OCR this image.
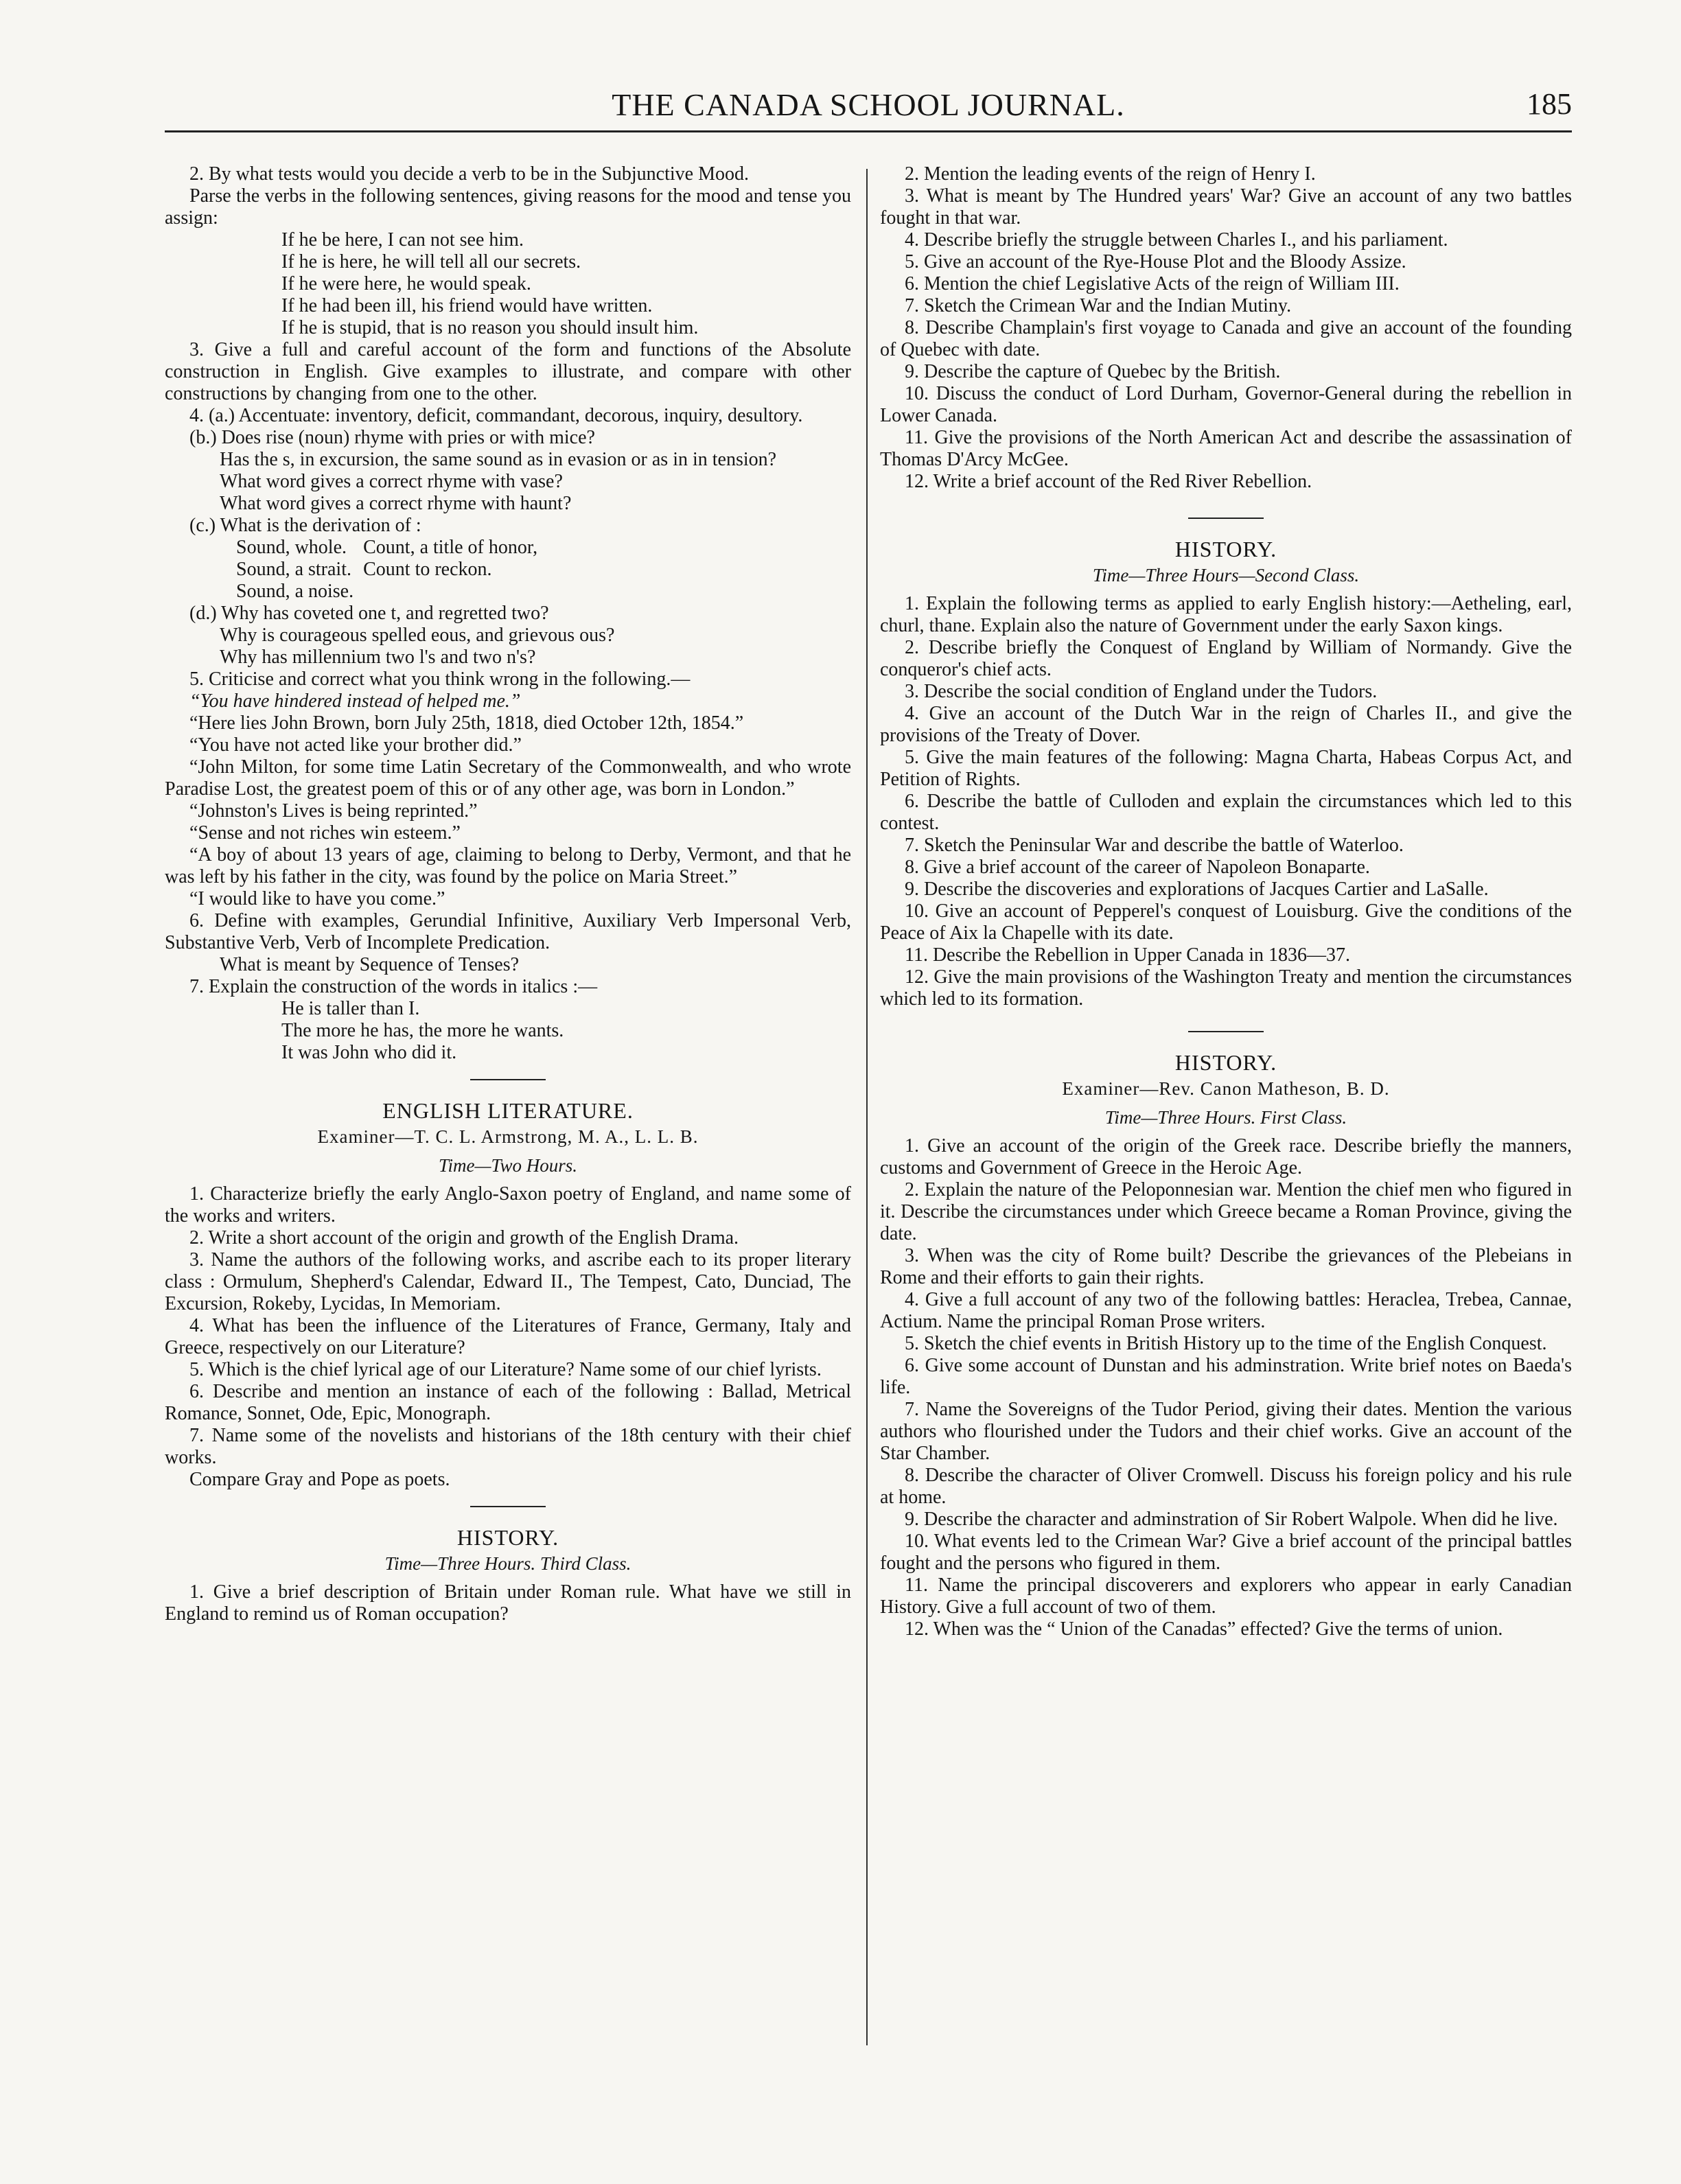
THE CANADA SCHOOL JOURNAL.	185

2. By what tests would you decide a verb to be in the Subjunctive Mood.

Parse the verbs in the following sentences, giving reasons for the mood and tense you assign:

If he be here, I can not see him.

If he is here, he will tell all our secrets.

If he were here, he would speak.

If he had been ill, his friend would have written.

If he is stupid, that is no reason you should insult him.

3. Give a full and careful account of the form and functions of the Absolute construction in English. Give examples to illustrate, and compare with other constructions by changing from one to the other.

4. (a.) Accentuate: inventory, deficit, commandant, decorous, inquiry, desultory.

(b.) Does rise (noun) rhyme with pries or with mice?

Has the s, in excursion, the same sound as in evasion or as in in tension?

What word gives a correct rhyme with vase?

What word gives a correct rhyme with haunt?

(c.) What is the derivation of :

Sound, whole.	Count, a title of honor,
Sound, a strait.	Count to reckon.
Sound, a noise.	

(d.) Why has coveted one t, and regretted two?

Why is courageous spelled eous, and grievous ous?

Why has millennium two l's and two n's?

5. Criticise and correct what you think wrong in the following.—

“You have hindered instead of helped me.”

“Here lies John Brown, born July 25th, 1818, died October 12th, 1854.”

“You have not acted like your brother did.”

“John Milton, for some time Latin Secretary of the Commonwealth, and who wrote Paradise Lost, the greatest poem of this or of any other age, was born in London.”

“Johnston's Lives is being reprinted.”

“Sense and not riches win esteem.”

“A boy of about 13 years of age, claiming to belong to Derby, Vermont, and that he was left by his father in the city, was found by the police on Maria Street.”

“I would like to have you come.”

6. Define with examples, Gerundial Infinitive, Auxiliary Verb Impersonal Verb, Substantive Verb, Verb of Incomplete Predication.

What is meant by Sequence of Tenses?

7. Explain the construction of the words in italics :—

He is taller than I.

The more he has, the more he wants.

It was John who did it.

ENGLISH LITERATURE.

Examiner—T. C. L. Armstrong, M. A., L. L. B.

Time—Two Hours.

1. Characterize briefly the early Anglo-Saxon poetry of England, and name some of the works and writers.

2. Write a short account of the origin and growth of the English Drama.

3. Name the authors of the following works, and ascribe each to its proper literary class : Ormulum, Shepherd's Calendar, Edward II., The Tempest, Cato, Dunciad, The Excursion, Rokeby, Lycidas, In Memoriam.

4. What has been the influence of the Literatures of France, Germany, Italy and Greece, respectively on our Literature?

5. Which is the chief lyrical age of our Literature? Name some of our chief lyrists.

6. Describe and mention an instance of each of the following : Ballad, Metrical Romance, Sonnet, Ode, Epic, Monograph.

7. Name some of the novelists and historians of the 18th century with their chief works.

Compare Gray and Pope as poets.

HISTORY.

Time—Three Hours. Third Class.

1. Give a brief description of Britain under Roman rule. What have we still in England to remind us of Roman occupation?

2. Mention the leading events of the reign of Henry I.

3. What is meant by The Hundred years' War? Give an account of any two battles fought in that war.

4. Describe briefly the struggle between Charles I., and his parliament.

5. Give an account of the Rye-House Plot and the Bloody Assize.

6. Mention the chief Legislative Acts of the reign of William III.

7. Sketch the Crimean War and the Indian Mutiny.

8. Describe Champlain's first voyage to Canada and give an account of the founding of Quebec with date.

9. Describe the capture of Quebec by the British.

10. Discuss the conduct of Lord Durham, Governor-General during the rebellion in Lower Canada.

11. Give the provisions of the North American Act and describe the assassination of Thomas D'Arcy McGee.

12. Write a brief account of the Red River Rebellion.

HISTORY.

Time—Three Hours—Second Class.

1. Explain the following terms as applied to early English history:—Aetheling, earl, churl, thane. Explain also the nature of Government under the early Saxon kings.

2. Describe briefly the Conquest of England by William of Normandy. Give the conqueror's chief acts.

3. Describe the social condition of England under the Tudors.

4. Give an account of the Dutch War in the reign of Charles II., and give the provisions of the Treaty of Dover.

5. Give the main features of the following: Magna Charta, Habeas Corpus Act, and Petition of Rights.

6. Describe the battle of Culloden and explain the circumstances which led to this contest.

7. Sketch the Peninsular War and describe the battle of Waterloo.

8. Give a brief account of the career of Napoleon Bonaparte.

9. Describe the discoveries and explorations of Jacques Cartier and LaSalle.

10. Give an account of Pepperel's conquest of Louisburg. Give the conditions of the Peace of Aix la Chapelle with its date.

11. Describe the Rebellion in Upper Canada in 1836—37.

12. Give the main provisions of the Washington Treaty and mention the circumstances which led to its formation.

HISTORY.

Examiner—Rev. Canon Matheson, B. D.

Time—Three Hours. First Class.

1. Give an account of the origin of the Greek race. Describe briefly the manners, customs and Government of Greece in the Heroic Age.

2. Explain the nature of the Peloponnesian war. Mention the chief men who figured in it. Describe the circumstances under which Greece became a Roman Province, giving the date.

3. When was the city of Rome built? Describe the grievances of the Plebeians in Rome and their efforts to gain their rights.

4. Give a full account of any two of the following battles: Heraclea, Trebea, Cannae, Actium. Name the principal Roman Prose writers.

5. Sketch the chief events in British History up to the time of the English Conquest.

6. Give some account of Dunstan and his adminstration. Write brief notes on Baeda's life.

7. Name the Sovereigns of the Tudor Period, giving their dates. Mention the various authors who flourished under the Tudors and their chief works. Give an account of the Star Chamber.

8. Describe the character of Oliver Cromwell. Discuss his foreign policy and his rule at home.

9. Describe the character and adminstration of Sir Robert Walpole. When did he live.

10. What events led to the Crimean War? Give a brief account of the principal battles fought and the persons who figured in them.

11. Name the principal discoverers and explorers who appear in early Canadian History. Give a full account of two of them.

12. When was the “ Union of the Canadas” effected? Give the terms of union.
